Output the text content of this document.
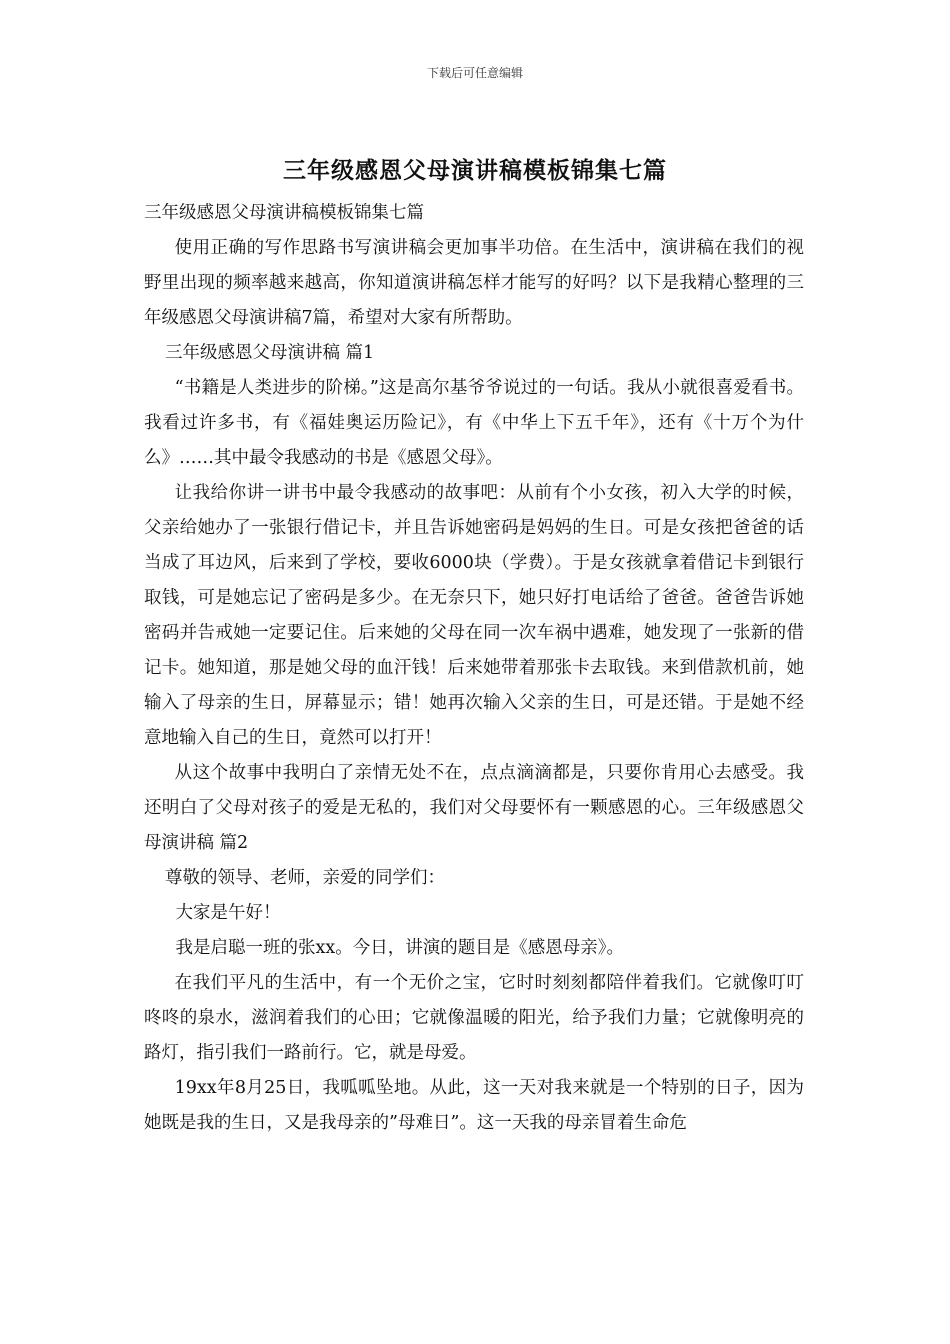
下载后可任意编辑
三年级感恩父母演讲稿模板锦集七篇

三年级感恩父母演讲稿模板锦集七篇

使用正确的写作思路书写演讲稿会更加事半功倍。在生活中，演讲稿在我们的视野里出现的频率越来越高，你知道演讲稿怎样才能写的好吗？以下是我精心整理的三年级感恩父母演讲稿7篇，希望对大家有所帮助。

三年级感恩父母演讲稿 篇1

“书籍是人类进步的阶梯。”这是高尔基爷爷说过的一句话。我从小就很喜爱看书。我看过许多书，有《福娃奥运历险记》，有《中华上下五千年》，还有《十万个为什么》……其中最令我感动的书是《感恩父母》。

让我给你讲一讲书中最令我感动的故事吧：从前有个小女孩，初入大学的时候，父亲给她办了一张银行借记卡，并且告诉她密码是妈妈的生日。可是女孩把爸爸的话当成了耳边风，后来到了学校，要收6000块（学费）。于是女孩就拿着借记卡到银行取钱，可是她忘记了密码是多少。在无奈只下，她只好打电话给了爸爸。爸爸告诉她密码并告戒她一定要记住。后来她的父母在同一次车祸中遇难，她发现了一张新的借记卡。她知道，那是她父母的血汗钱！后来她带着那张卡去取钱。来到借款机前，她输入了母亲的生日，屏幕显示；错！她再次输入父亲的生日，可是还错。于是她不经意地输入自己的生日，竟然可以打开！

从这个故事中我明白了亲情无处不在，点点滴滴都是，只要你肯用心去感受。我还明白了父母对孩子的爱是无私的，我们对父母要怀有一颗感恩的心。三年级感恩父母演讲稿 篇2

尊敬的领导、老师，亲爱的同学们：

大家是午好！

我是启聪一班的张xx。今日，讲演的题目是《感恩母亲》。

在我们平凡的生活中，有一个无价之宝，它时时刻刻都陪伴着我们。它就像叮叮咚咚的泉水，滋润着我们的心田；它就像温暖的阳光，给予我们力量；它就像明亮的路灯，指引我们一路前行。它，就是母爱。

19xx年8月25日，我呱呱坠地。从此，这一天对我来就是一个特别的日子，因为她既是我的生日，又是我母亲的”母难日”。这一天我的母亲冒着生命危
